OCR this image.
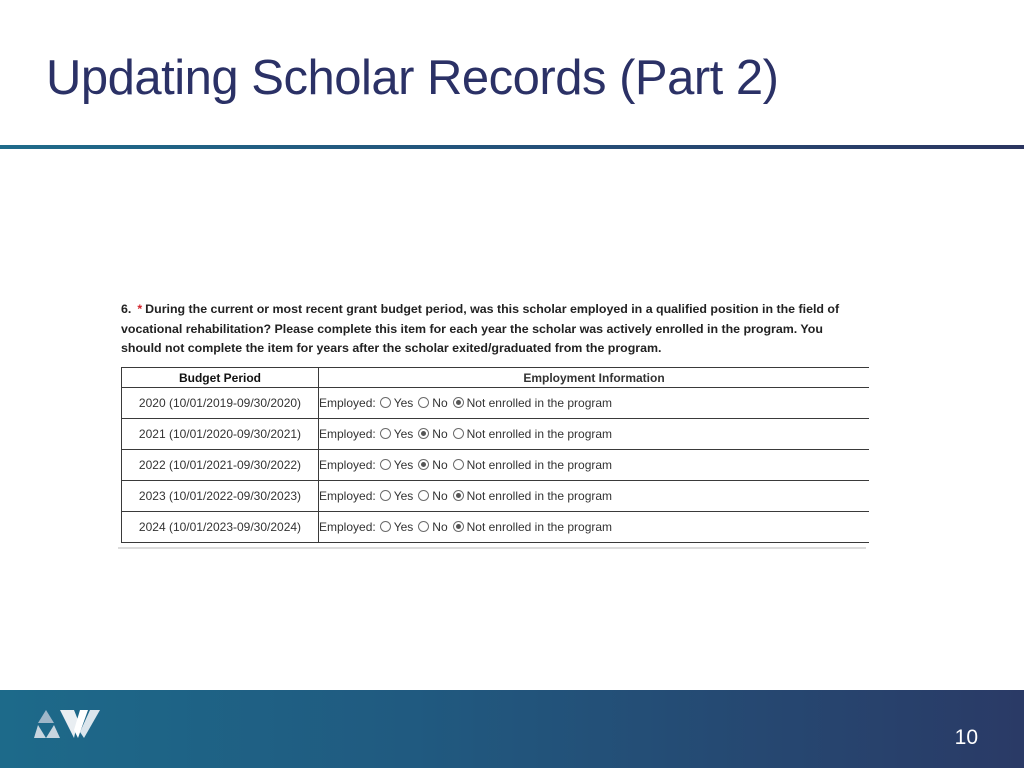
Updating Scholar Records (Part 2)
6. * During the current or most recent grant budget period, was this scholar employed in a qualified position in the field of vocational rehabilitation? Please complete this item for each year the scholar was actively enrolled in the program. You should not complete the item for years after the scholar exited/graduated from the program.
Budget Period	Employment Information
2020 (10/01/2019-09/30/2020)	Employed: Yes No Not enrolled in the program
2021 (10/01/2020-09/30/2021)	Employed: Yes No Not enrolled in the program
2022 (10/01/2021-09/30/2022)	Employed: Yes No Not enrolled in the program
2023 (10/01/2022-09/30/2023)	Employed: Yes No Not enrolled in the program
2024 (10/01/2023-09/30/2024)	Employed: Yes No Not enrolled in the program
10
